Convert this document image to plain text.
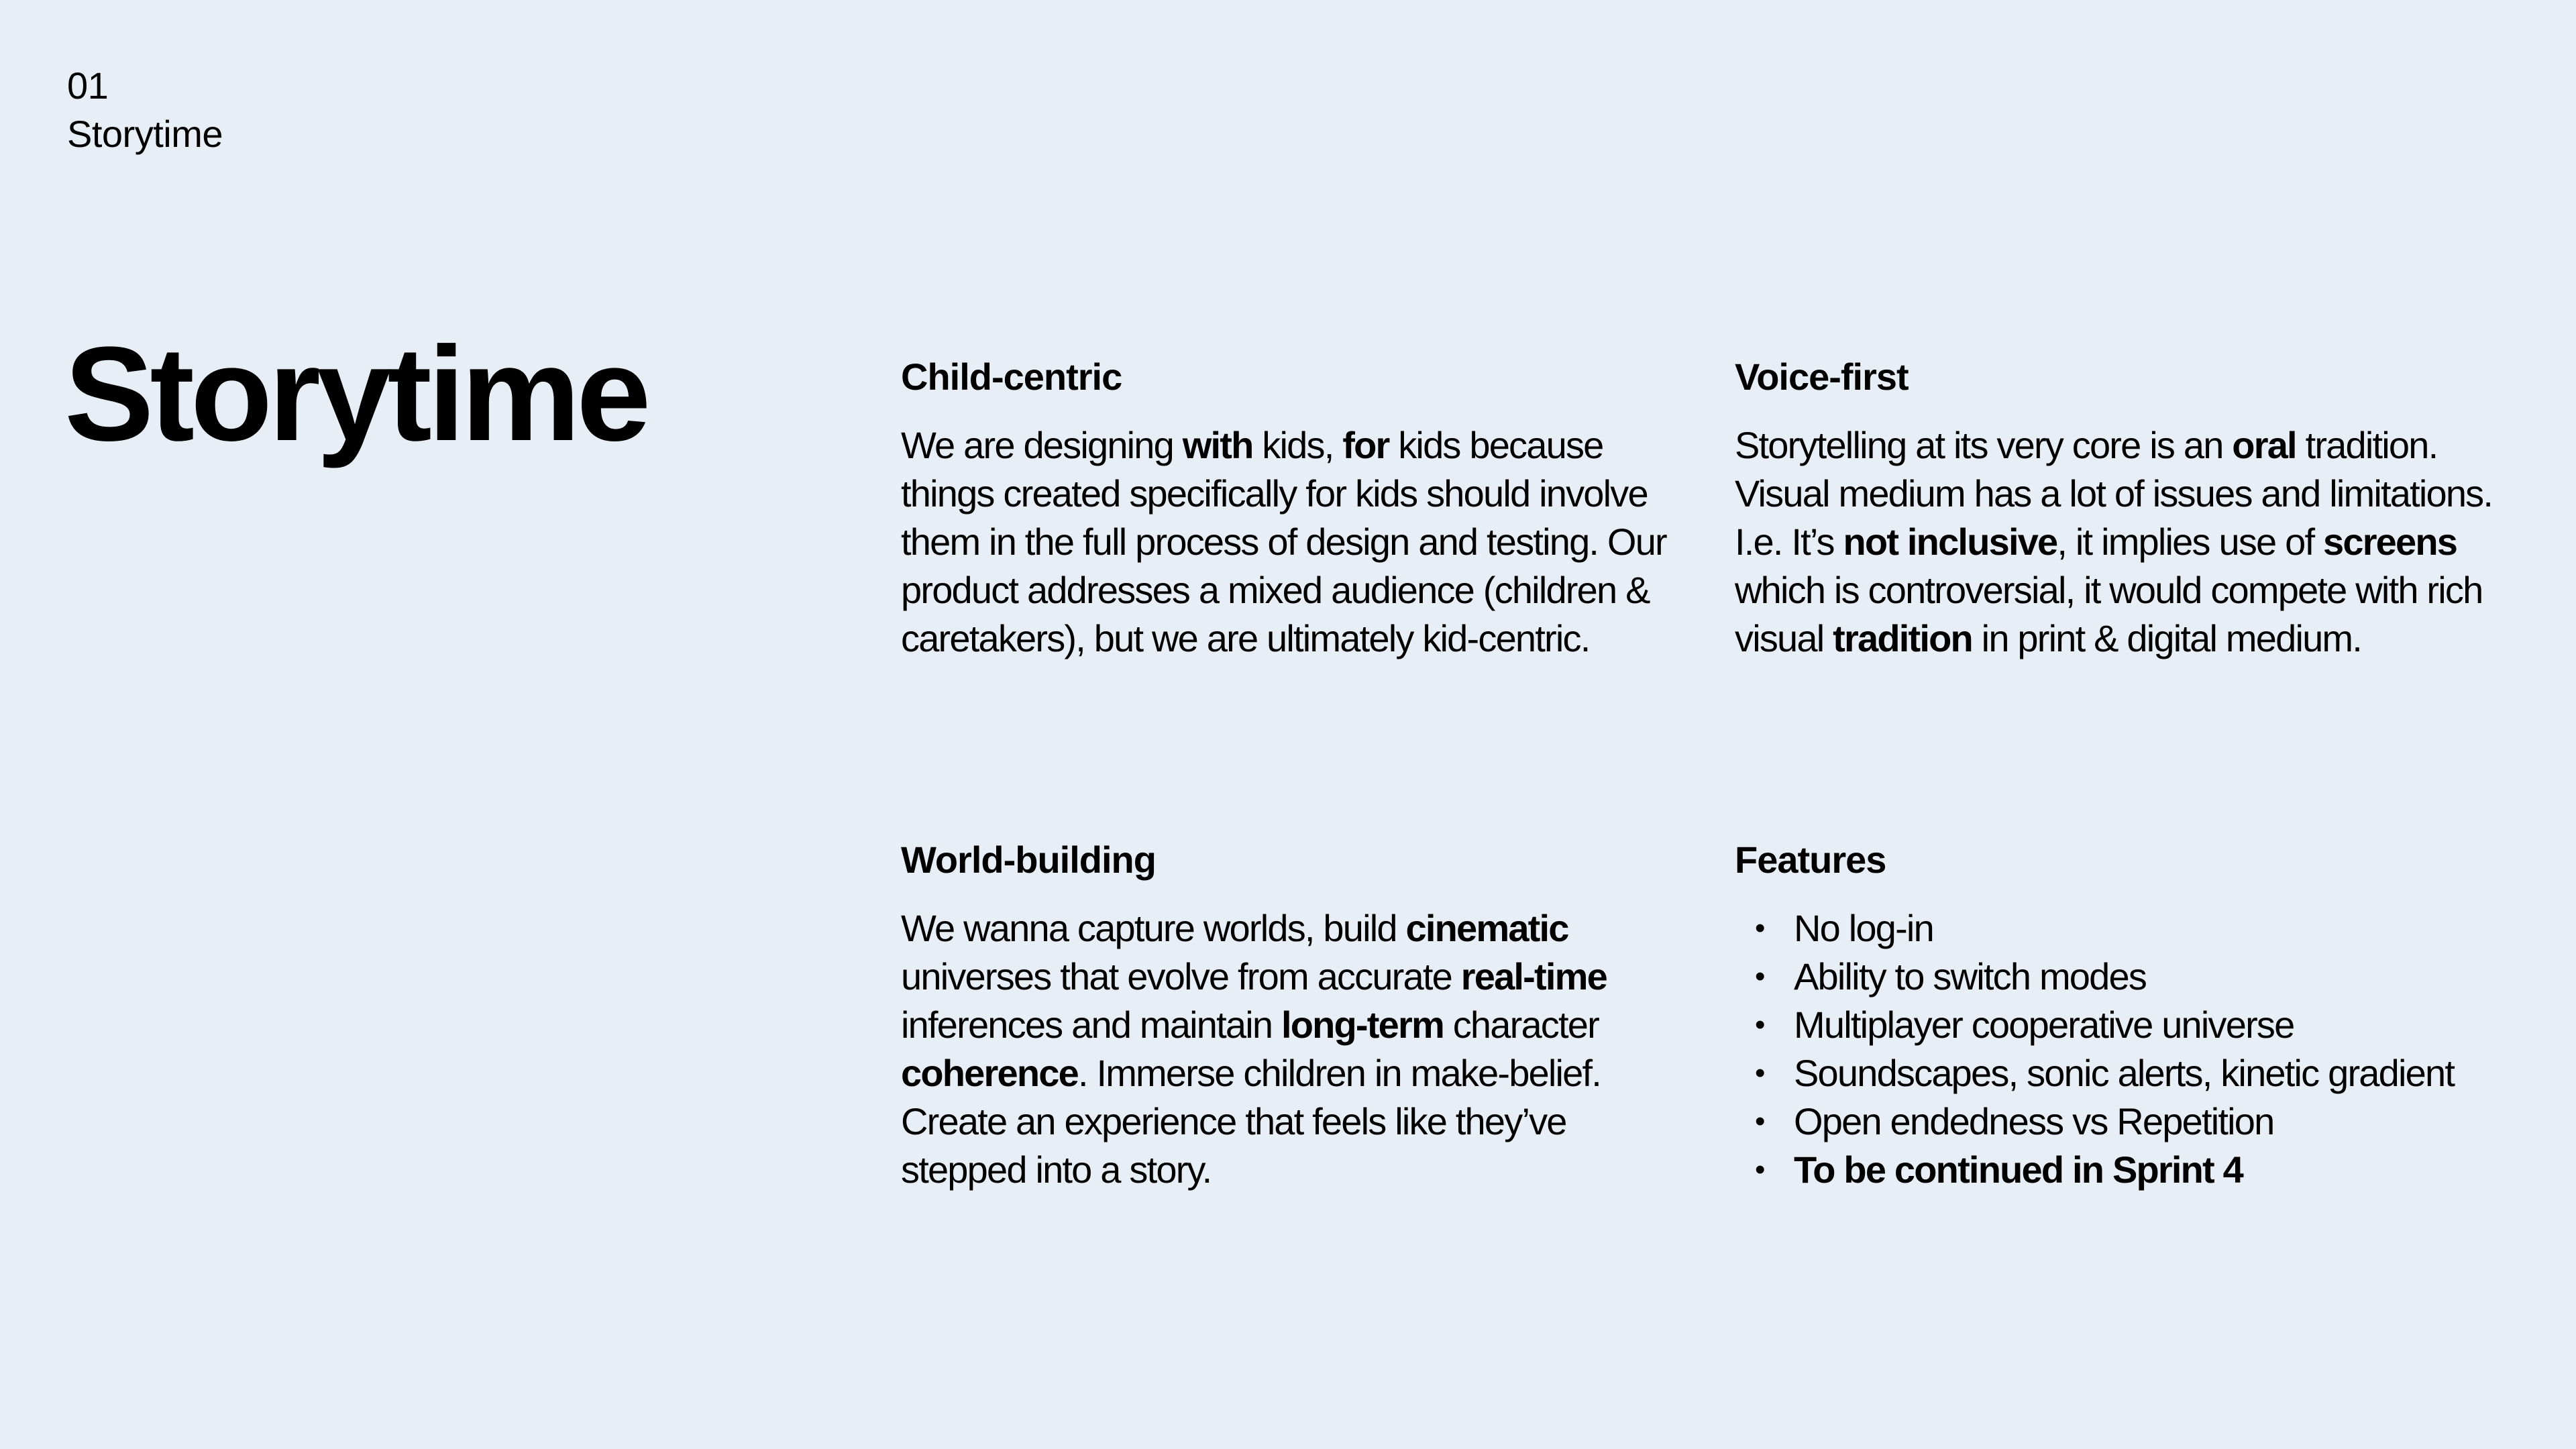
01
Storytime
Storytime	Child-centric

We are designing with kids, for kids because things created specifically for kids should involve them in the full process of design and testing. Our product addresses a mixed audience (children & caretakers), but we are ultimately kid-centric.

Voice-first

Storytelling at its very core is an oral tradition. Visual medium has a lot of issues and limitations. I.e. It’s not inclusive, it implies use of screens which is controversial, it would compete with rich visual tradition in print & digital medium.

World-building

We wanna capture worlds, build cinematic universes that evolve from accurate real-time inferences and maintain long-term character coherence. Immerse children in make-belief. Create an experience that feels like they’ve stepped into a story.

Features
• No log-in
• Ability to switch modes
• Multiplayer cooperative universe
• Soundscapes, sonic alerts, kinetic gradient
• Open endedness vs Repetition
• To be continued in Sprint 4
